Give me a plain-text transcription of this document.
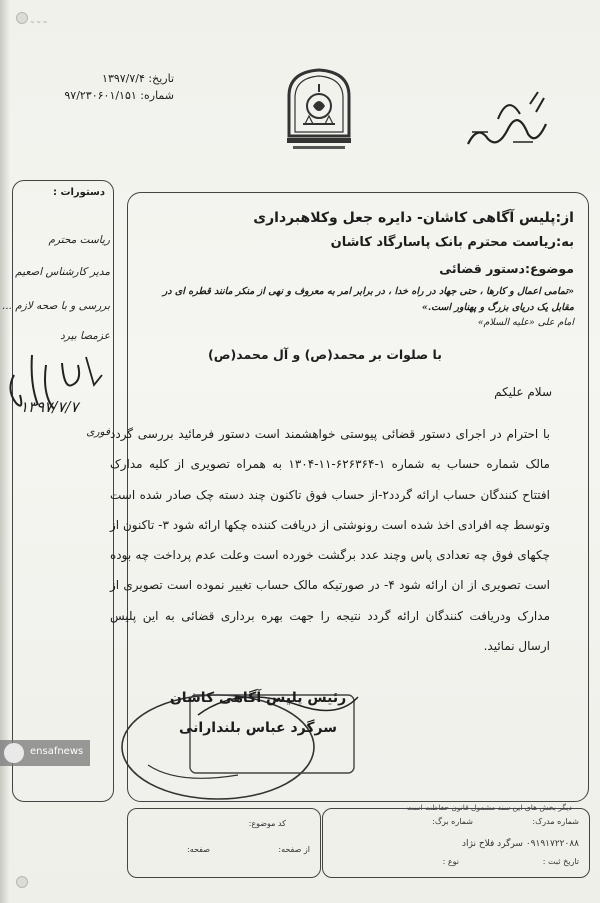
~ ~ ~
تاریخ: ۱۳۹۷/۷/۴
شماره: ۹۷/۲۳۰۶۰۱/۱۵۱
دستورات :
ریاست محترم
مدیر کارشناس اصعیم
بررسی و با صحه لازم ...
عزمصا بیرد
۱۳۹۷/۷/۷
فوری
از:پلیس آگاهی کاشان- دایره جعل وکلاهبرداری
به:ریاست محترم بانک پاسارگاد کاشان
موضوع:دستور قضائی
«تمامی اعمال و کارها ، حتی جهاد در راه خدا ، در برابر امر به معروف و نهی از منکر مانند قطره ای در مقابل یک دریای بزرگ و پهناور است.»
امام علی «علیه السلام»
با صلوات بر محمد(ص) و آل محمد(ص)
سلام علیکم
با احترام در اجرای دستور قضائی پیوستی خواهشمند است دستور فرمائید بررسی گردد مالک شماره حساب به شماره ۱-۶۲۶۳۶۴-۱۱-۱۳۰۴ به همراه تصویری از کلیه مدارک افتتاح کنندگان حساب ارائه گردد۲-از حساب فوق تاکنون چند دسته چک صادر شده است وتوسط چه افرادی اخذ شده است رونوشتی از دریافت کننده چکها ارائه شود ۳- تاکنون از چکهای فوق چه تعدادی پاس وچند عدد برگشت خورده است وعلت عدم پرداخت چه بوده است تصویری از ان ارائه شود ۴- در صورتیکه مالک حساب تغییر نموده است تصویری از مدارک ودریافت کنندگان ارائه گردد نتیجه را جهت بهره برداری قضائی به این پلیس ارسال نمائید.
رئیس پلیس آگاهی کاشان
سرگرد عباس بلندارانی
ensafnews
دیگر بخش های این سند مشمول قانون حفاظت است
کد موضوع:
از صفحه:
صفحه:
شماره مدرک:
شماره برگ:
۰۹۱۹۱۷۲۲۰۸۸ سرگرد فلاح نژاد
تاریخ ثبت :
نوع :
